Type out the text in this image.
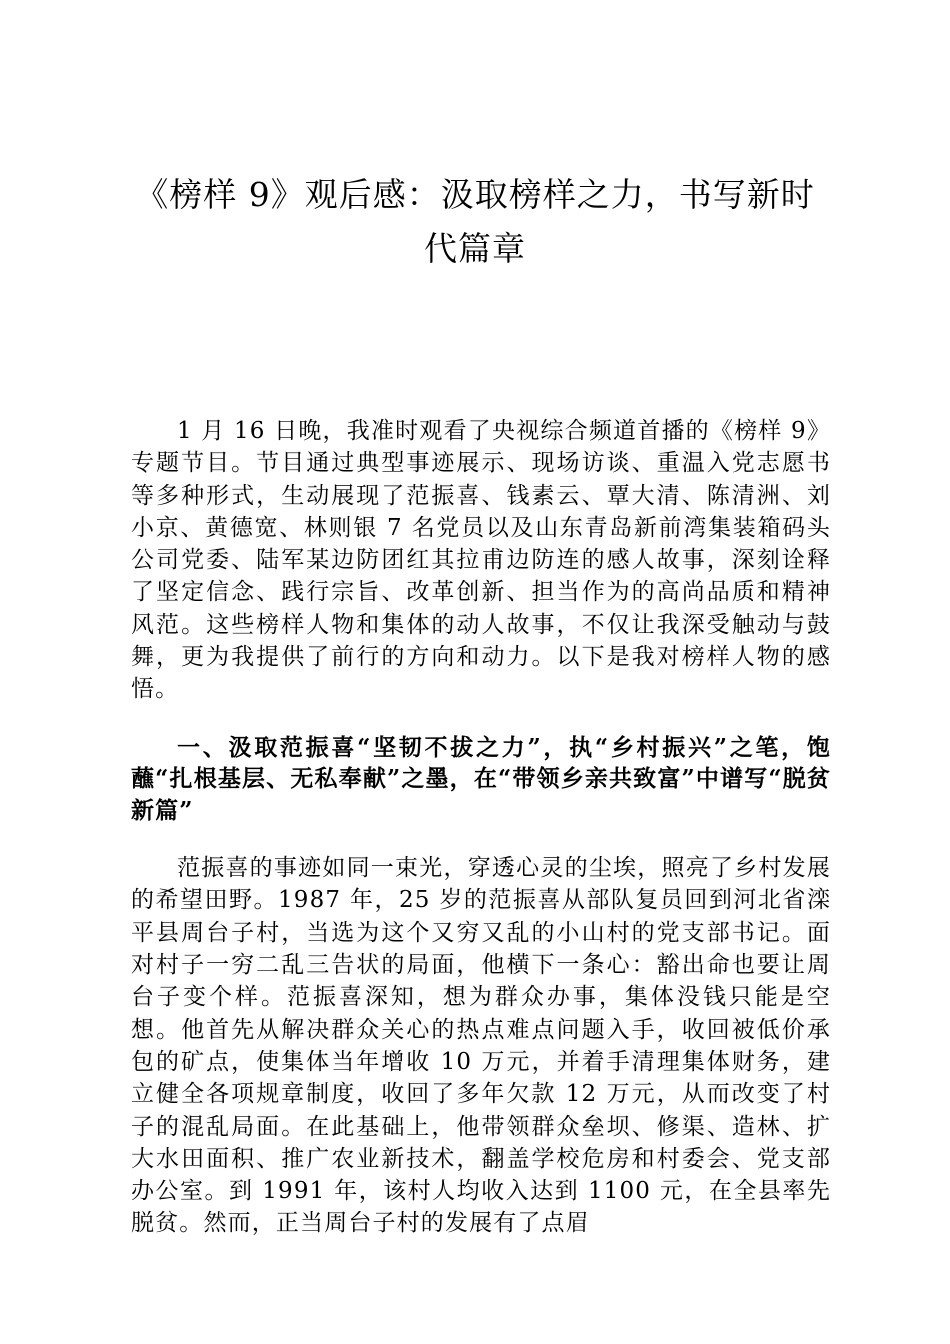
《榜样 9》观后感：汲取榜样之力，书写新时
代篇章

1 月 16 日晚，我准时观看了央视综合频道首播的《榜样 9》专题节目。节目通过典型事迹展示、现场访谈、重温入党志愿书等多种形式，生动展现了范振喜、钱素云、覃大清、陈清洲、刘小京、黄德宽、林则银 7 名党员以及山东青岛新前湾集装箱码头公司党委、陆军某边防团红其拉甫边防连的感人故事，深刻诠释了坚定信念、践行宗旨、改革创新、担当作为的高尚品质和精神风范。这些榜样人物和集体的动人故事，不仅让我深受触动与鼓舞，更为我提供了前行的方向和动力。以下是我对榜样人物的感悟。

一、汲取范振喜“坚韧不拔之力”，执“乡村振兴”之笔，饱蘸“扎根基层、无私奉献”之墨，在“带领乡亲共致富”中谱写“脱贫新篇”

范振喜的事迹如同一束光，穿透心灵的尘埃，照亮了乡村发展的希望田野。1987 年，25 岁的范振喜从部队复员回到河北省滦平县周台子村，当选为这个又穷又乱的小山村的党支部书记。面对村子一穷二乱三告状的局面，他横下一条心：豁出命也要让周台子变个样。范振喜深知，想为群众办事，集体没钱只能是空想。他首先从解决群众关心的热点难点问题入手，收回被低价承包的矿点，使集体当年增收 10 万元，并着手清理集体财务，建立健全各项规章制度，收回了多年欠款 12 万元，从而改变了村子的混乱局面。在此基础上，他带领群众垒坝、修渠、造林、扩大水田面积、推广农业新技术，翻盖学校危房和村委会、党支部办公室。到 1991 年，该村人均收入达到 1100 元，在全县率先脱贫。然而，正当周台子村的发展有了点眉
